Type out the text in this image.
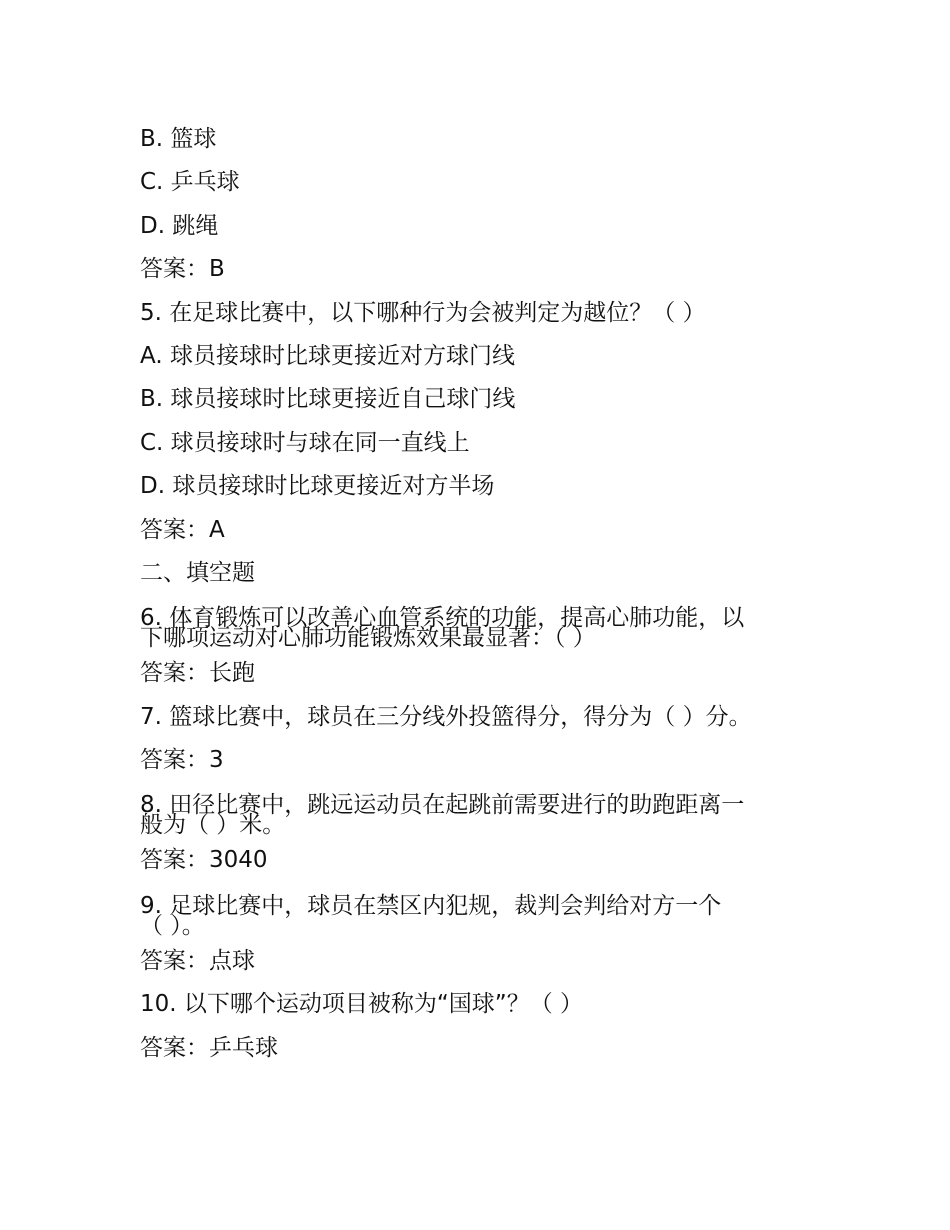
B. 篮球
C. 乒乓球
D. 跳绳
答案：B
5. 在足球比赛中，以下哪种行为会被判定为越位？（ ）
A. 球员接球时比球更接近对方球门线
B. 球员接球时比球更接近自己球门线
C. 球员接球时与球在同一直线上
D. 球员接球时比球更接近对方半场
答案：A
二、填空题
6. 体育锻炼可以改善心血管系统的功能，提高心肺功能，以
下哪项运动对心肺功能锻炼效果最显著：（ ）
答案：长跑
7. 篮球比赛中，球员在三分线外投篮得分，得分为（ ）分。
答案：3
8. 田径比赛中，跳远运动员在起跳前需要进行的助跑距离一
般为（ ）米。
答案：3040
9. 足球比赛中，球员在禁区内犯规，裁判会判给对方一个
（ ）。
答案：点球
10. 以下哪个运动项目被称为“国球”？（ ）
答案：乒乓球
